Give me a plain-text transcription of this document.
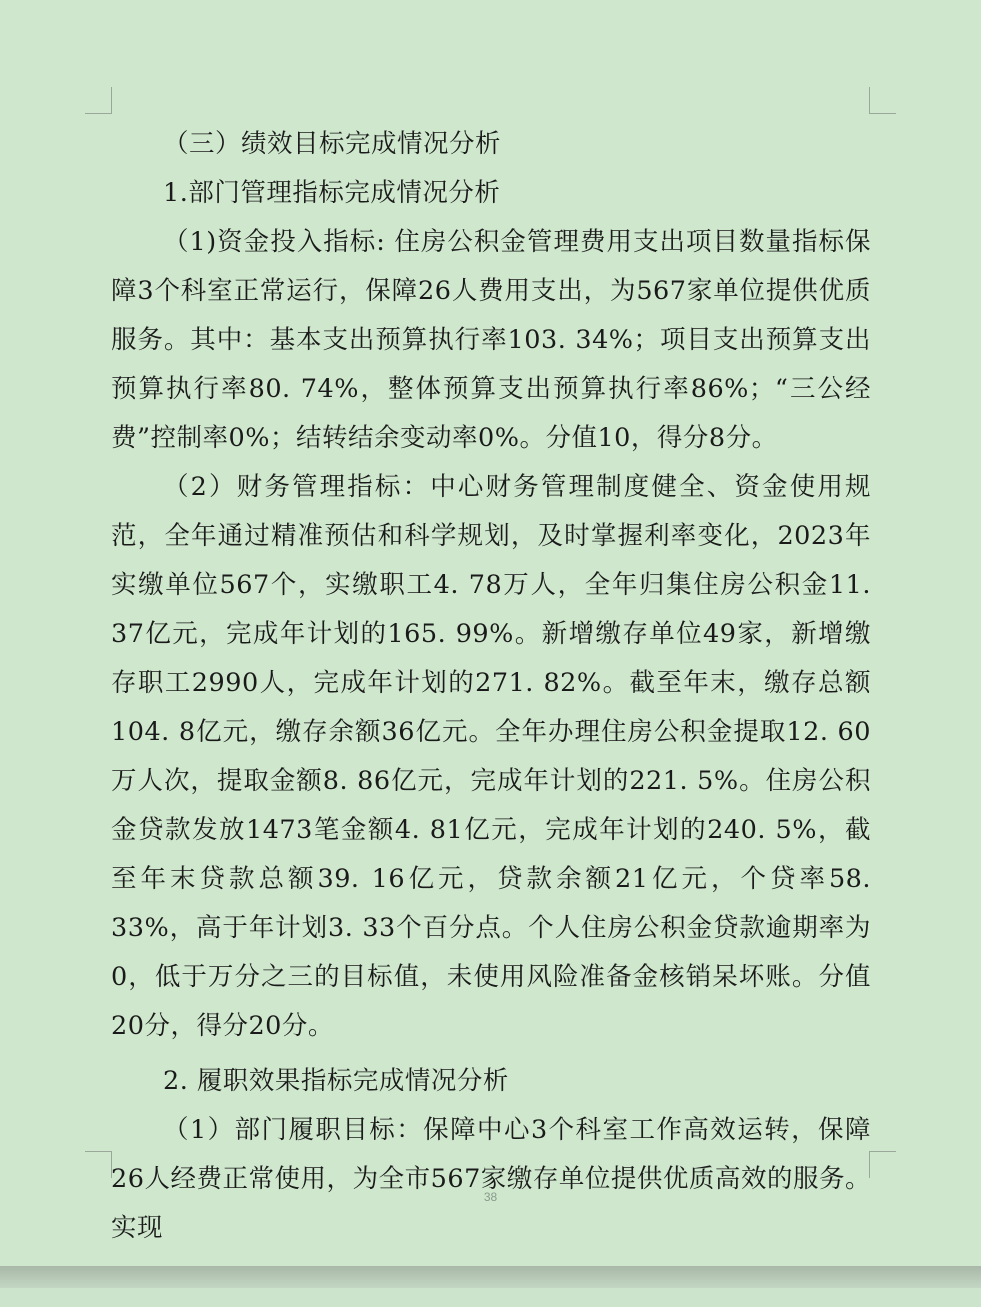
（三）绩效目标完成情况分析

1.部门管理指标完成情况分析

（1)资金投入指标: 住房公积金管理费用支出项目数量指标保障3个科室正常运行，保障26人费用支出，为567家单位提供优质服务。其中：基本支出预算执行率103. 34%；项目支出预算支出预算执行率80. 74%，整体预算支出预算执行率86%；“三公经费”控制率0%；结转结余变动率0%。分值10，得分8分。

（2）财务管理指标：中心财务管理制度健全、资金使用规范，全年通过精准预估和科学规划，及时掌握利率变化，2023年实缴单位567个，实缴职工4. 78万人，全年归集住房公积金11. 37亿元，完成年计划的165. 99%。新增缴存单位49家，新增缴存职工2990人，完成年计划的271. 82%。截至年末，缴存总额104. 8亿元，缴存余额36亿元。全年办理住房公积金提取12. 60万人次，提取金额8. 86亿元，完成年计划的221. 5%。住房公积金贷款发放1473笔金额4. 81亿元，完成年计划的240. 5%，截至年末贷款总额39. 16亿元，贷款余额21亿元，个贷率58. 33%，高于年计划3. 33个百分点。个人住房公积金贷款逾期率为0，低于万分之三的目标值，未使用风险准备金核销呆坏账。分值20分，得分20分。

2. 履职效果指标完成情况分析

（1）部门履职目标：保障中心3个科室工作高效运转，保障26人经费正常使用，为全市567家缴存单位提供优质高效的服务。实现

38
